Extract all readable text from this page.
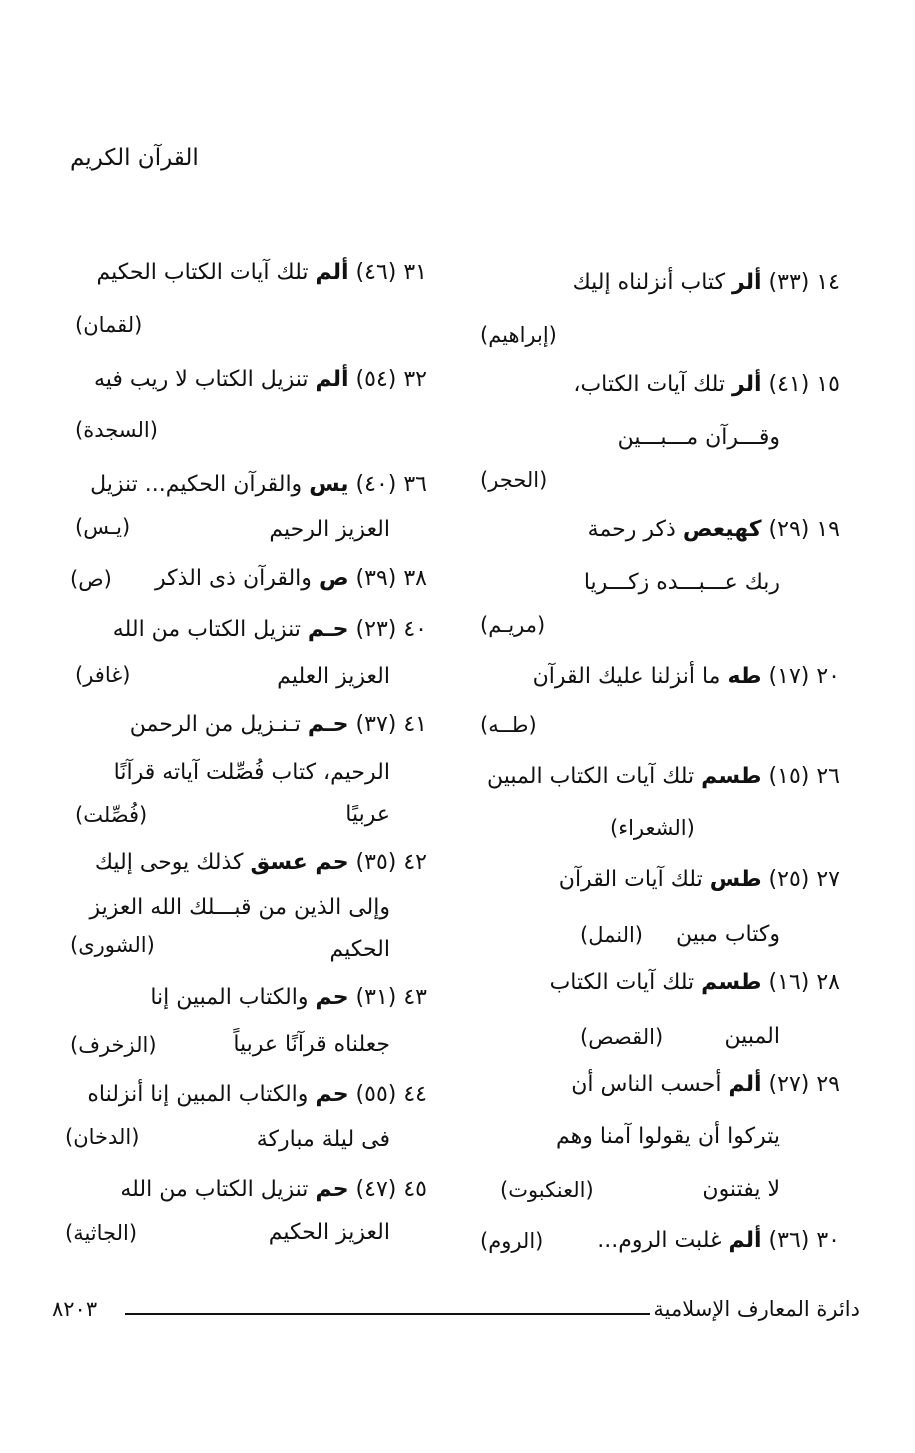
القرآن الكريم
١٤ (٣٣) ألر كتاب أنزلناه إليك
(إبراهيم)
١٥ (٤١) ألر تلك آيات الكتاب،
وقـــرآن مـــبـــين
(الحجر)
١٩ (٢٩) كهيعص ذكر رحمة
ربك عـــبـــده زكـــريا
(مريـم)
٢٠ (١٧) طه ما أنزلنا عليك القرآن
(طــه)
٢٦ (١٥) طسم تلك آيات الكتاب المبين
(الشعراء)
٢٧ (٢٥) طس تلك آيات القرآن
وكتاب مبين
(النمل)
٢٨ (١٦) طسم تلك آيات الكتاب
المبين
(القصص)
٢٩ (٢٧) ألم أحسب الناس أن
يتركوا أن يقولوا آمنا وهم
لا يفتنون
(العنكبوت)
٣٠ (٣٦) ألم غلبت الروم...
(الروم)
٣١ (٤٦) ألم تلك آيات الكتاب الحكيم
(لقمان)
٣٢ (٥٤) ألم تنزيل الكتاب لا ريب فيه
(السجدة)
٣٦ (٤٠) يس والقرآن الحكيم... تنزيل
العزيز الرحيم
(يـس)
٣٨ (٣٩) ص والقرآن ذى الذكر
(ص)
٤٠ (٢٣) حـم تنزيل الكتاب من الله
العزيز العليم
(غافر)
٤١ (٣٧) حـم تـنـزيل من الرحمن
الرحيم، كتاب فُصِّلت آياته قرآنًا
عربيًا
(فُصِّلت)
٤٢ (٣٥) حم عسق كذلك يوحى إليك
وإلى الذين من قبـــلك الله العزيز
الحكيم
(الشورى)
٤٣ (٣١) حم والكتاب المبين إنا
جعلناه قرآنًا عربياً
(الزخرف)
٤٤ (٥٥) حم والكتاب المبين إنا أنزلناه
فى ليلة مباركة
(الدخان)
٤٥ (٤٧) حم تنزيل الكتاب من الله
العزيز الحكيم
(الجاثية)
دائرة المعارف الإسلامية
٨٢٠٣
